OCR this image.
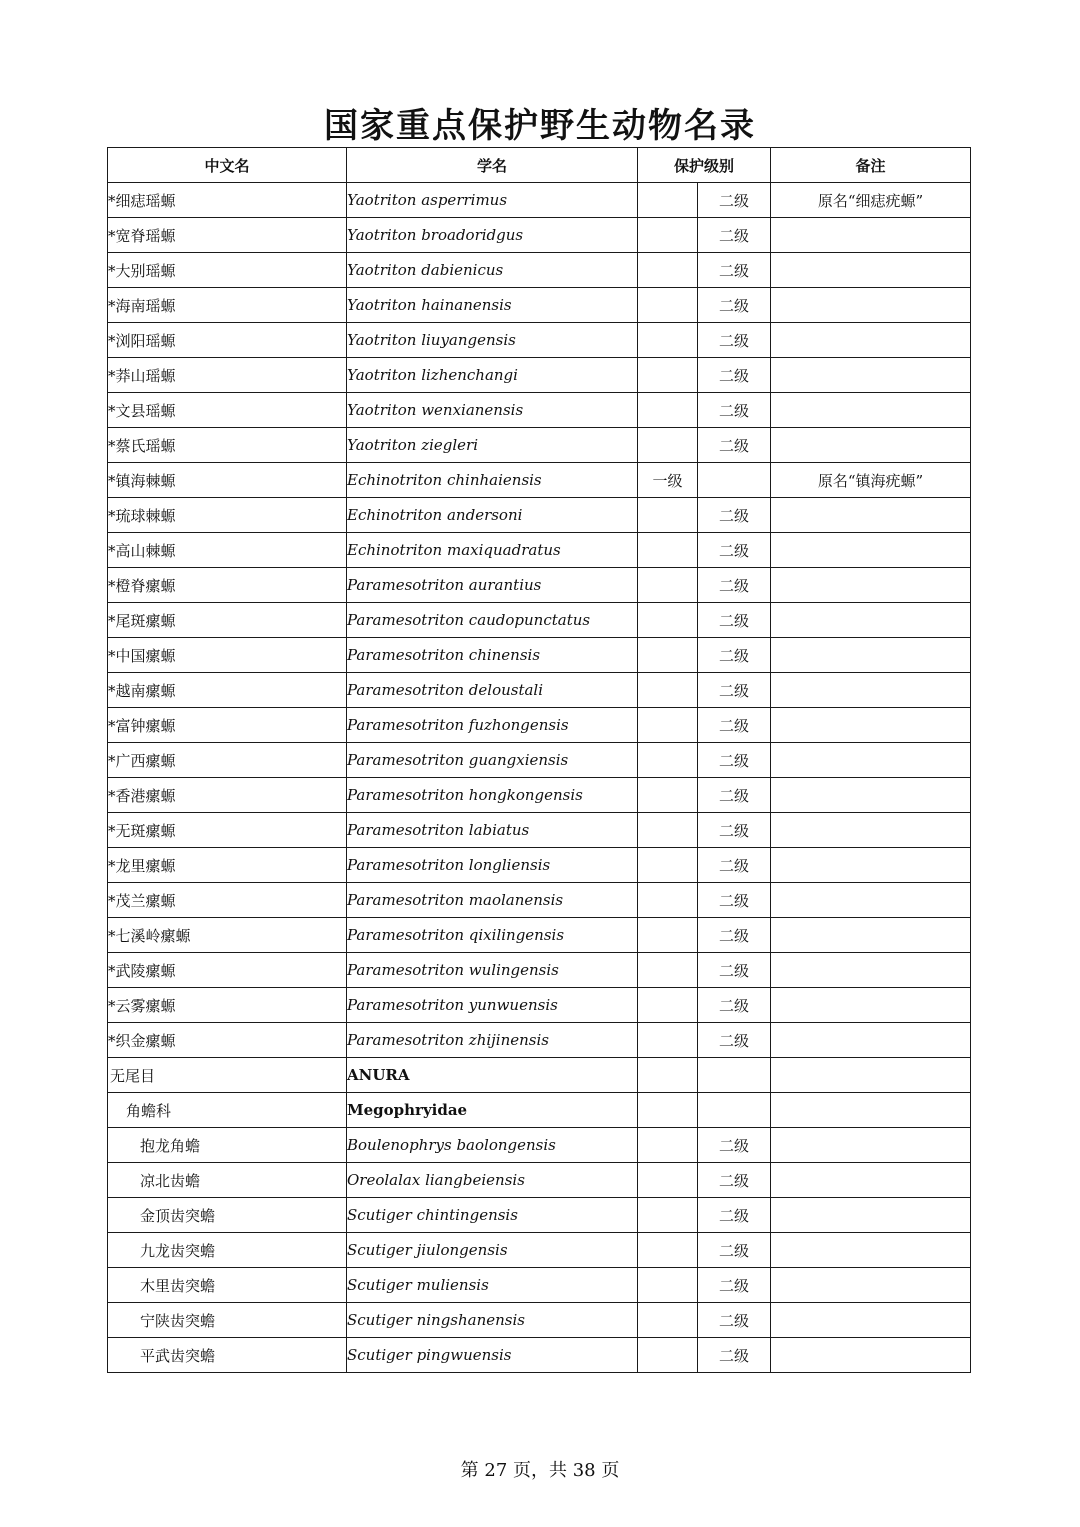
国家重点保护野生动物名录
中文名	学名	保护级别		备注
*细痣瑶螈	Yaotriton asperrimus		二级	原名“细痣疣螈”
*宽脊瑶螈	Yaotriton broadoridgus		二级	
*大别瑶螈	Yaotriton dabienicus		二级	
*海南瑶螈	Yaotriton hainanensis		二级	
*浏阳瑶螈	Yaotriton liuyangensis		二级	
*莽山瑶螈	Yaotriton lizhenchangi		二级	
*文县瑶螈	Yaotriton wenxianensis		二级	
*蔡氏瑶螈	Yaotriton ziegleri		二级	
*镇海棘螈	Echinotriton chinhaiensis	一级		原名“镇海疣螈”
*琉球棘螈	Echinotriton andersoni		二级	
*高山棘螈	Echinotriton maxiquadratus		二级	
*橙脊瘰螈	Paramesotriton aurantius		二级	
*尾斑瘰螈	Paramesotriton caudopunctatus		二级	
*中国瘰螈	Paramesotriton chinensis		二级	
*越南瘰螈	Paramesotriton deloustali		二级	
*富钟瘰螈	Paramesotriton fuzhongensis		二级	
*广西瘰螈	Paramesotriton guangxiensis		二级	
*香港瘰螈	Paramesotriton hongkongensis		二级	
*无斑瘰螈	Paramesotriton labiatus		二级	
*龙里瘰螈	Paramesotriton longliensis		二级	
*茂兰瘰螈	Paramesotriton maolanensis		二级	
*七溪岭瘰螈	Paramesotriton qixilingensis		二级	
*武陵瘰螈	Paramesotriton wulingensis		二级	
*云雾瘰螈	Paramesotriton yunwuensis		二级	
*织金瘰螈	Paramesotriton zhijinensis		二级	
无尾目	ANURA			
角蟾科	Megophryidae			
抱龙角蟾	Boulenophrys baolongensis		二级	
凉北齿蟾	Oreolalax liangbeiensis		二级	
金顶齿突蟾	Scutiger chintingensis		二级	
九龙齿突蟾	Scutiger jiulongensis		二级	
木里齿突蟾	Scutiger muliensis		二级	
宁陕齿突蟾	Scutiger ningshanensis		二级	
平武齿突蟾	Scutiger pingwuensis		二级	
第 27 页，共 38 页
